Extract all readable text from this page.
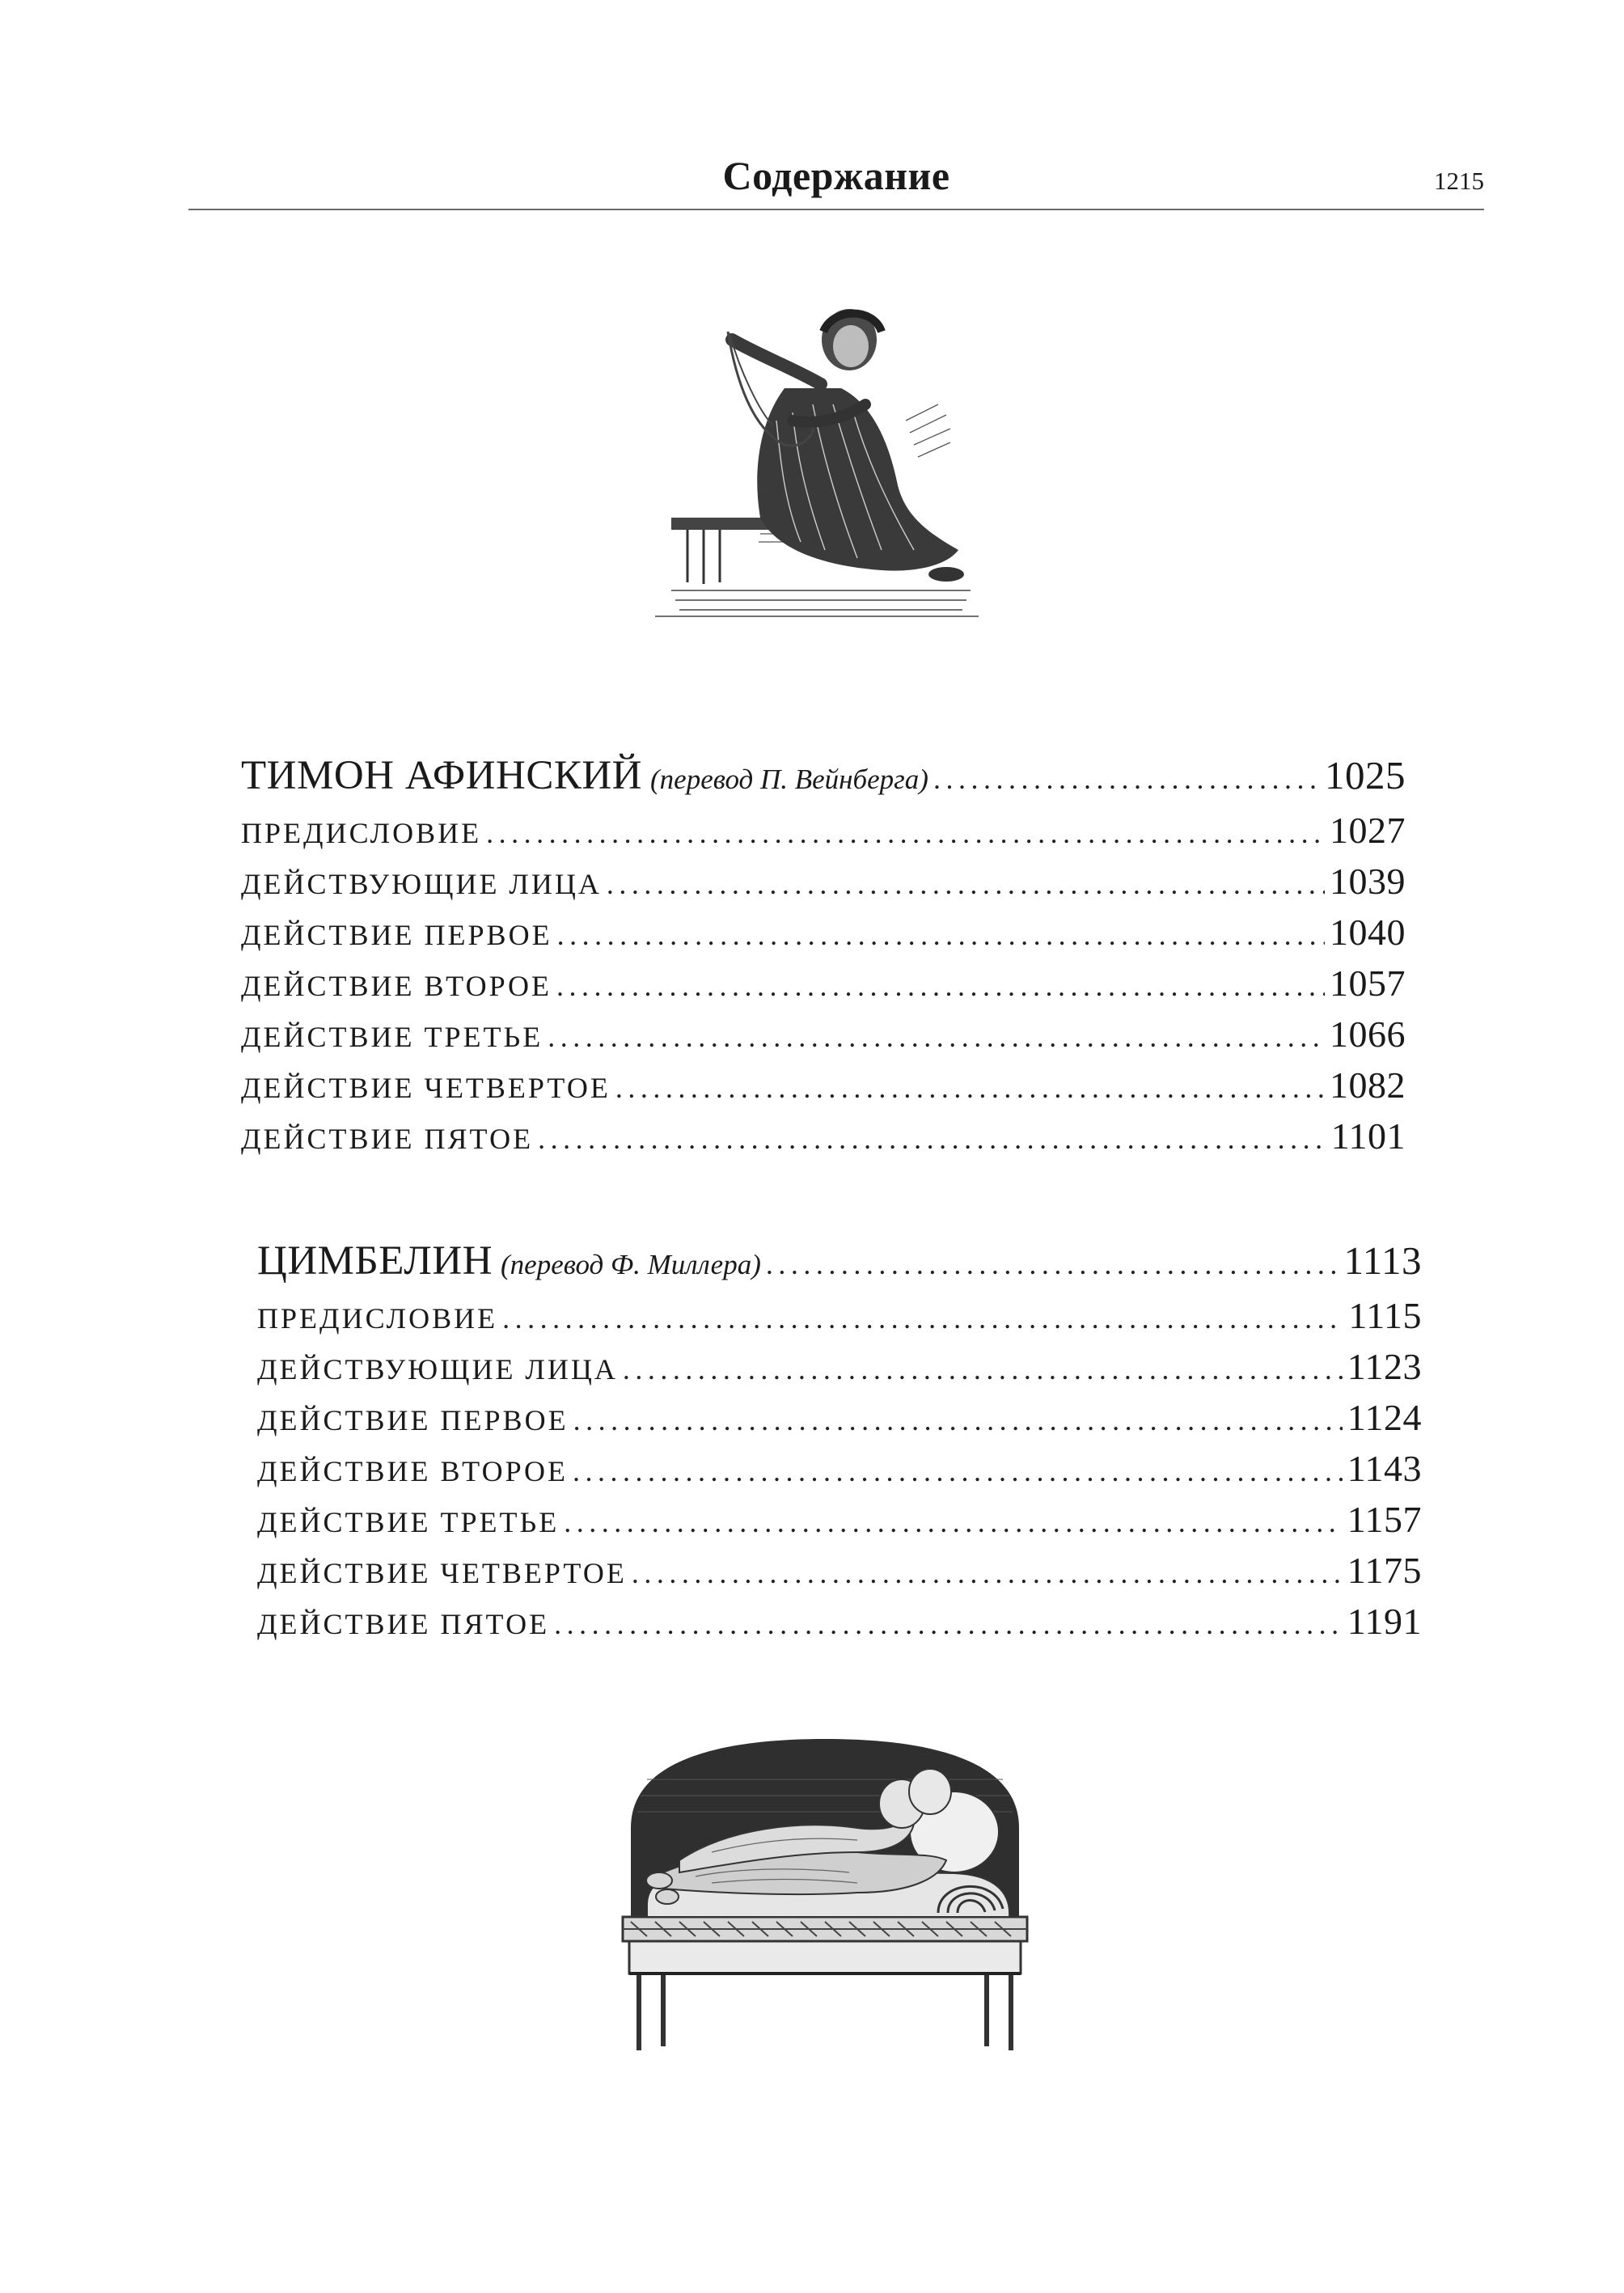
Содержание	1215
ТИМОН АФИНСКИЙ (перевод П. Вейнберга) .....	1025
ПРЕДИСЛОВИЕ .....	1027
ДЕЙСТВУЮЩИЕ ЛИЦА .....	1039
ДЕЙСТВИЕ ПЕРВОЕ .....	1040
ДЕЙСТВИЕ ВТОРОЕ .....	1057
ДЕЙСТВИЕ ТРЕТЬЕ .....	1066
ДЕЙСТВИЕ ЧЕТВЕРТОЕ .....	1082
ДЕЙСТВИЕ ПЯТОЕ .....	1101
ЦИМБЕЛИН (перевод Ф. Миллера) .....	1113
ПРЕДИСЛОВИЕ .....	1115
ДЕЙСТВУЮЩИЕ ЛИЦА .....	1123
ДЕЙСТВИЕ ПЕРВОЕ .....	1124
ДЕЙСТВИЕ ВТОРОЕ .....	1143
ДЕЙСТВИЕ ТРЕТЬЕ .....	1157
ДЕЙСТВИЕ ЧЕТВЕРТОЕ .....	1175
ДЕЙСТВИЕ ПЯТОЕ .....	1191
